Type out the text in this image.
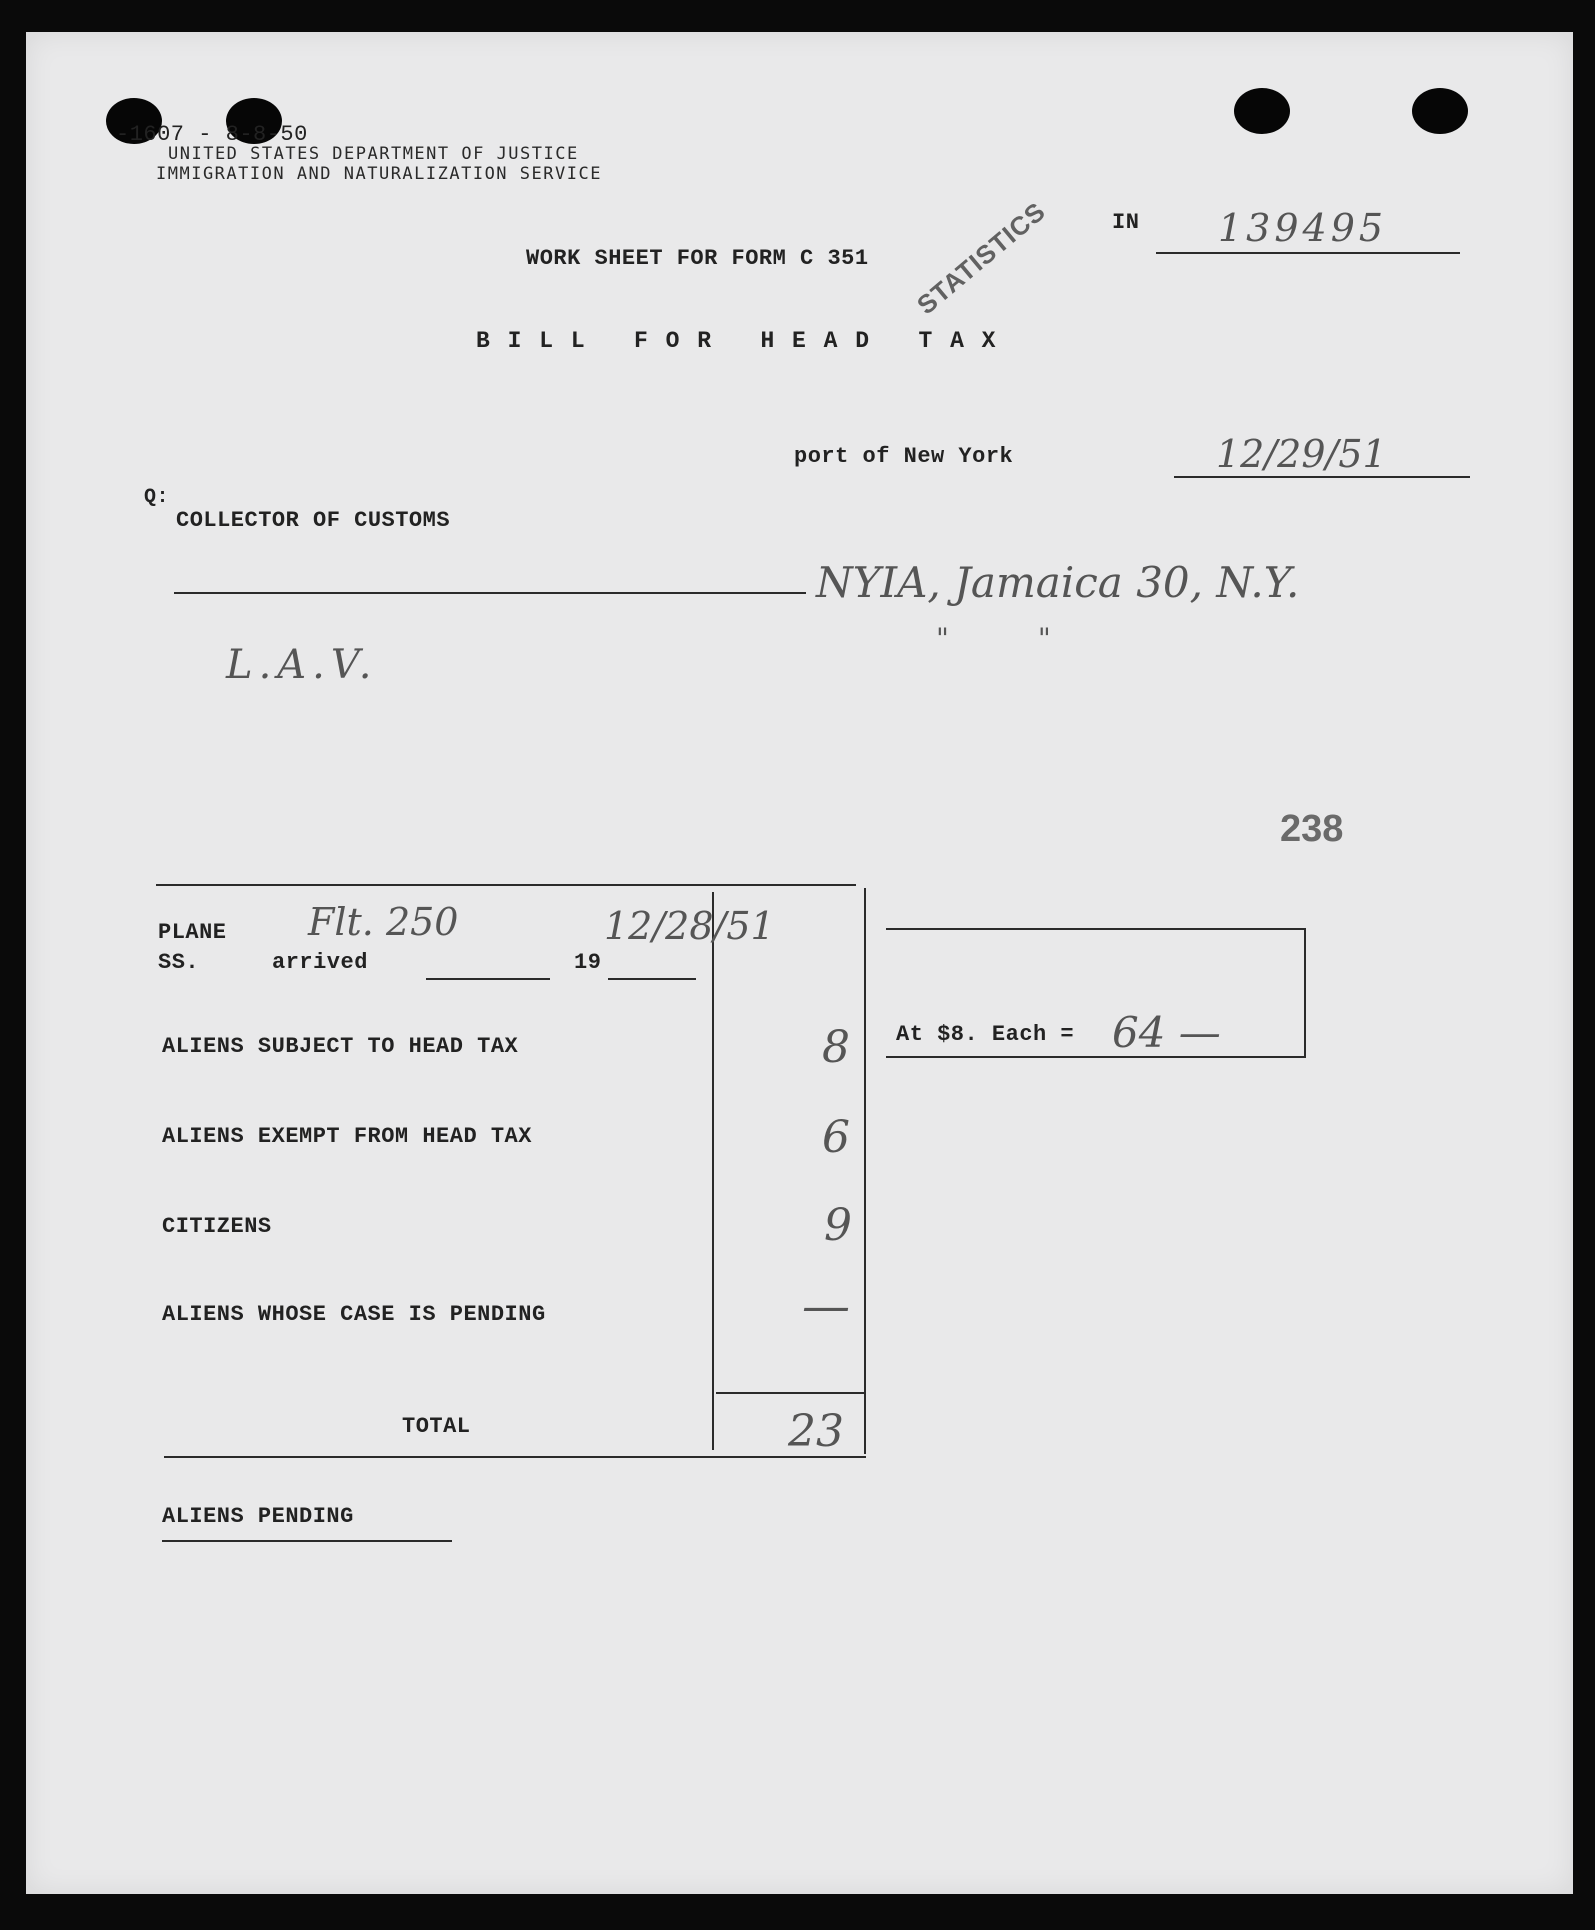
-1607 - 8-8-50
UNITED STATES DEPARTMENT OF JUSTICE
IMMIGRATION AND NATURALIZATION SERVICE
IN 139495
WORK SHEET FOR FORM C 351 STATISTICS
B I L L   F O R   H E A D   T A X
port of New York	12/29/51
Q:
COLLECTOR OF CUSTOMS
NYIA, Jamaica 30, N.Y.
"          "
L.A.V.
238
PLANE
SS.	arrived	19
Flt. 250	12/28/51
ALIENS SUBJECT TO HEAD TAX	8
ALIENS EXEMPT FROM HEAD TAX	6
CITIZENS	9
ALIENS WHOSE CASE IS PENDING	—
TOTAL	23
At $8. Each = 64 —
ALIENS PENDING
